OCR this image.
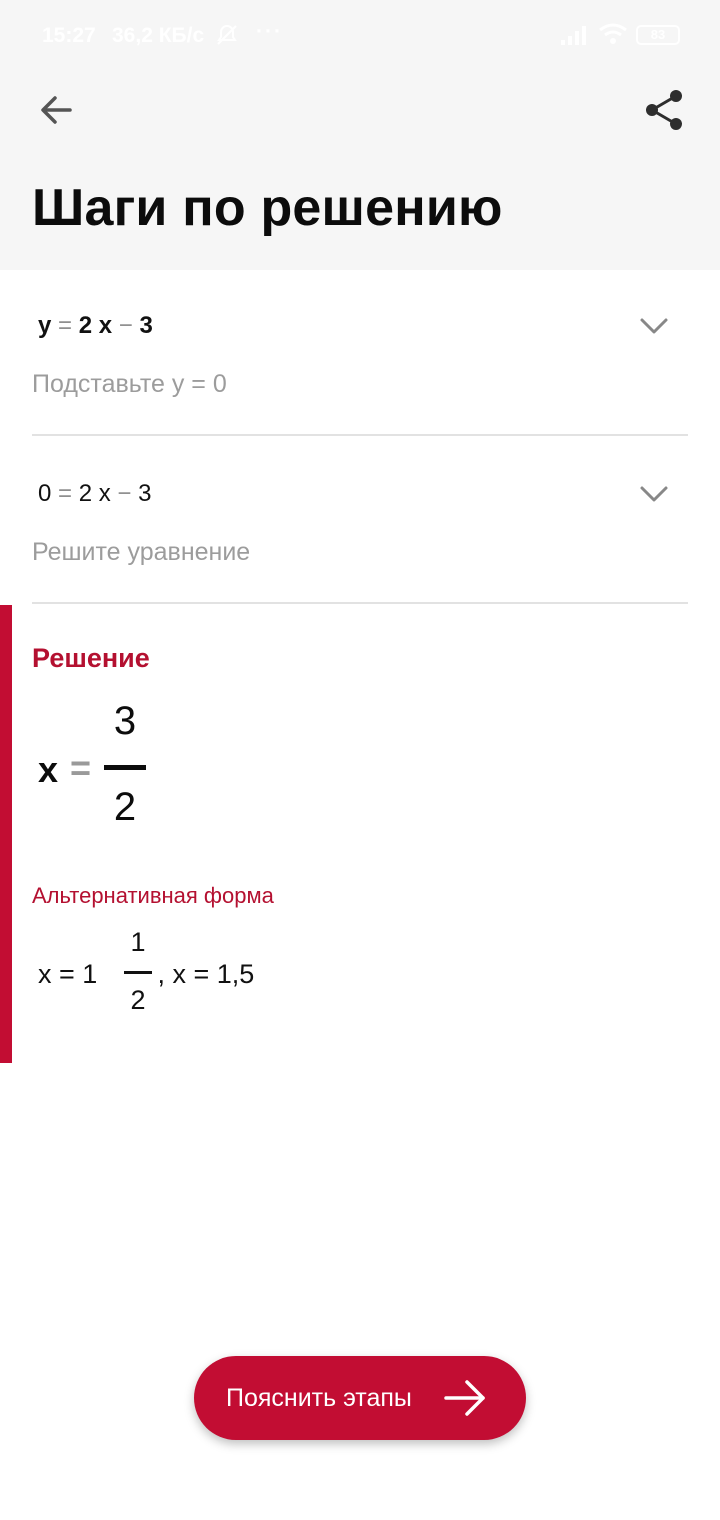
15:27 36,2 КБ/с ···	83
Шаги по решению
y = 2 x − 3
Подставьте y = 0
0 = 2 x − 3
Решите уравнение
Решение
x =
3
2
Альтернативная форма
x = 1
1
2
, x = 1,5
Пояснить этапы
